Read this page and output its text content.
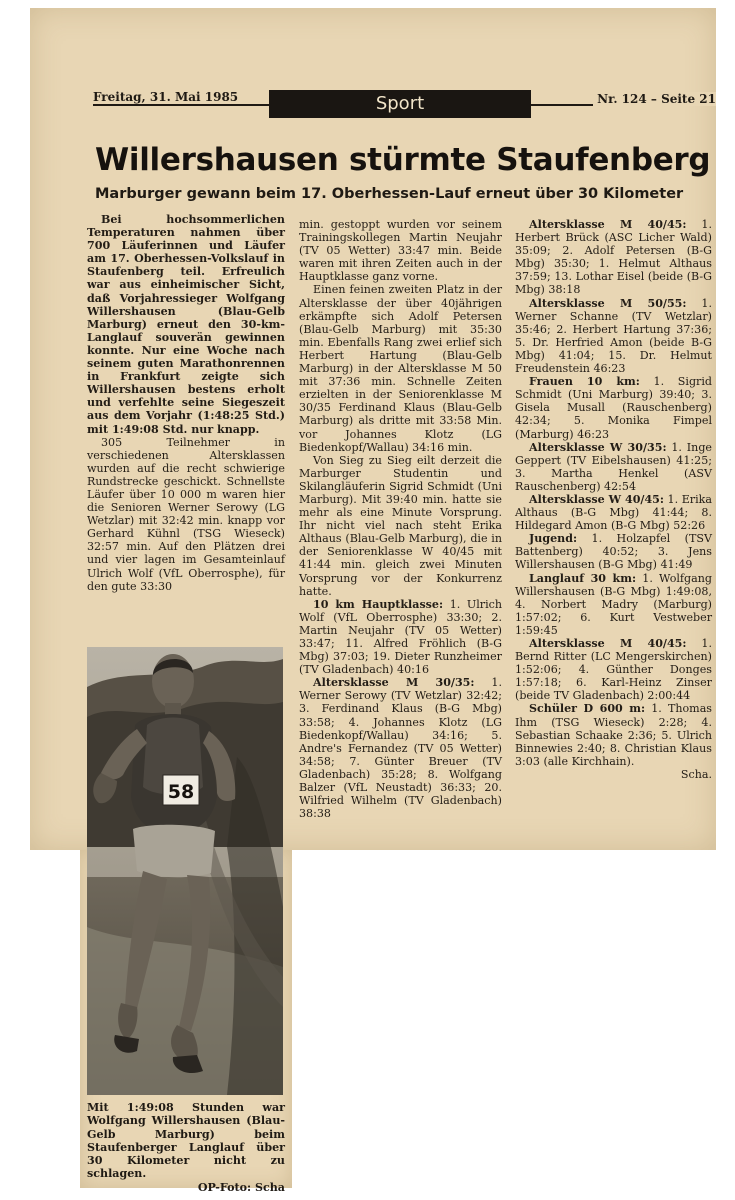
Freitag, 31. Mai 1985	Sport	Nr. 124 – Seite 21
Willershausen stürmte Staufenberg
Marburger gewann beim 17. Oberhessen-Lauf erneut über 30 Kilometer

Bei hochsommerlichen Temperaturen nahmen über 700 Läuferinnen und Läufer am 17. Oberhessen-Volkslauf in Staufenberg teil. Erfreulich war aus einheimischer Sicht, daß Vorjahressieger Wolfgang Willershausen (Blau-Gelb Marburg) erneut den 30-km-Langlauf souverän gewinnen konnte. Nur eine Woche nach seinem guten Marathonrennen in Frankfurt zeigte sich Willershausen bestens erholt und verfehlte seine Siegeszeit aus dem Vorjahr (1:48:25 Std.) mit 1:49:08 Std. nur knapp.

305 Teilnehmer in verschiedenen Altersklassen wurden auf die recht schwierige Rundstrecke geschickt. Schnellste Läufer über 10 000 m waren hier die Senioren Werner Serowy (LG Wetzlar) mit 32:42 min. knapp vor Gerhard Kühnl (TSG Wieseck) 32:57 min. Auf den Plätzen drei und vier lagen im Gesamteinlauf Ulrich Wolf (VfL Oberrosphe), für den gute 33:30

min. gestoppt wurden vor seinem Trainingskollegen Martin Neujahr (TV 05 Wetter) 33:47 min. Beide waren mit ihren Zeiten auch in der Hauptklasse ganz vorne.

Einen feinen zweiten Platz in der Altersklasse der über 40jährigen erkämpfte sich Adolf Petersen (Blau-Gelb Marburg) mit 35:30 min. Ebenfalls Rang zwei erlief sich Herbert Hartung (Blau-Gelb Marburg) in der Altersklasse M 50 mit 37:36 min. Schnelle Zeiten erzielten in der Seniorenklasse M 30/35 Ferdinand Klaus (Blau-Gelb Marburg) als dritte mit 33:58 Min. vor Johannes Klotz (LG Biedenkopf/Wallau) 34:16 min.

Von Sieg zu Sieg eilt derzeit die Marburger Studentin und Skilangläuferin Sigrid Schmidt (Uni Marburg). Mit 39:40 min. hatte sie mehr als eine Minute Vorsprung. Ihr nicht viel nach steht Erika Althaus (Blau-Gelb Marburg), die in der Seniorenklasse W 40/45 mit 41:44 min. gleich zwei Minuten Vorsprung vor der Konkurrenz hatte.

10 km Hauptklasse: 1. Ulrich Wolf (VfL Oberrosphe) 33:30; 2. Martin Neujahr (TV 05 Wetter) 33:47; 11. Alfred Fröhlich (B-G Mbg) 37:03; 19. Dieter Runzheimer (TV Gladenbach) 40:16

Altersklasse M 30/35: 1. Werner Serowy (TV Wetzlar) 32:42; 3. Ferdinand Klaus (B-G Mbg) 33:58; 4. Johannes Klotz (LG Biedenkopf/Wallau) 34:16; 5. Andre's Fernandez (TV 05 Wetter) 34:58; 7. Günter Breuer (TV Gladenbach) 35:28; 8. Wolfgang Balzer (VfL Neustadt) 36:33; 20. Wilfried Wilhelm (TV Gladenbach) 38:38

Altersklasse M 40/45: 1. Herbert Brück (ASC Licher Wald) 35:09; 2. Adolf Petersen (B-G Mbg) 35:30; 1. Helmut Althaus 37:59; 13. Lothar Eisel (beide (B-G Mbg) 38:18

Altersklasse M 50/55: 1. Werner Schanne (TV Wetzlar) 35:46; 2. Herbert Hartung 37:36; 5. Dr. Herfried Amon (beide B-G Mbg) 41:04; 15. Dr. Helmut Freudenstein 46:23

Frauen 10 km: 1. Sigrid Schmidt (Uni Marburg) 39:40; 3. Gisela Musall (Rauschenberg) 42:34; 5. Monika Fimpel (Marburg) 46:23

Altersklasse W 30/35: 1. Inge Geppert (TV Eibelshausen) 41:25; 3. Martha Henkel (ASV Rauschenberg) 42:54

Altersklasse W 40/45: 1. Erika Althaus (B-G Mbg) 41:44; 8. Hildegard Amon (B-G Mbg) 52:26

Jugend: 1. Holzapfel (TSV Battenberg) 40:52; 3. Jens Willershausen (B-G Mbg) 41:49

Langlauf 30 km: 1. Wolfgang Willershausen (B-G Mbg) 1:49:08, 4. Norbert Madry (Marburg) 1:57:02; 6. Kurt Vestweber 1:59:45

Altersklasse M 40/45: 1. Bernd Ritter (LC Mengerskirchen) 1:52:06; 4. Günther Donges 1:57:18; 6. Karl-Heinz Zinser (beide TV Gladenbach) 2:00:44

Schüler D 600 m: 1. Thomas Ihm (TSG Wieseck) 2:28; 4. Sebastian Schaake 2:36; 5. Ulrich Binnewies 2:40; 8. Christian Klaus 3:03 (alle Kirchhain).

Scha.

58

Mit 1:49:08 Stunden war Wolfgang Willershausen (Blau-Gelb Marburg) beim Staufenberger Langlauf über 30 Kilometer nicht zu schlagen.

OP-Foto: Scha
